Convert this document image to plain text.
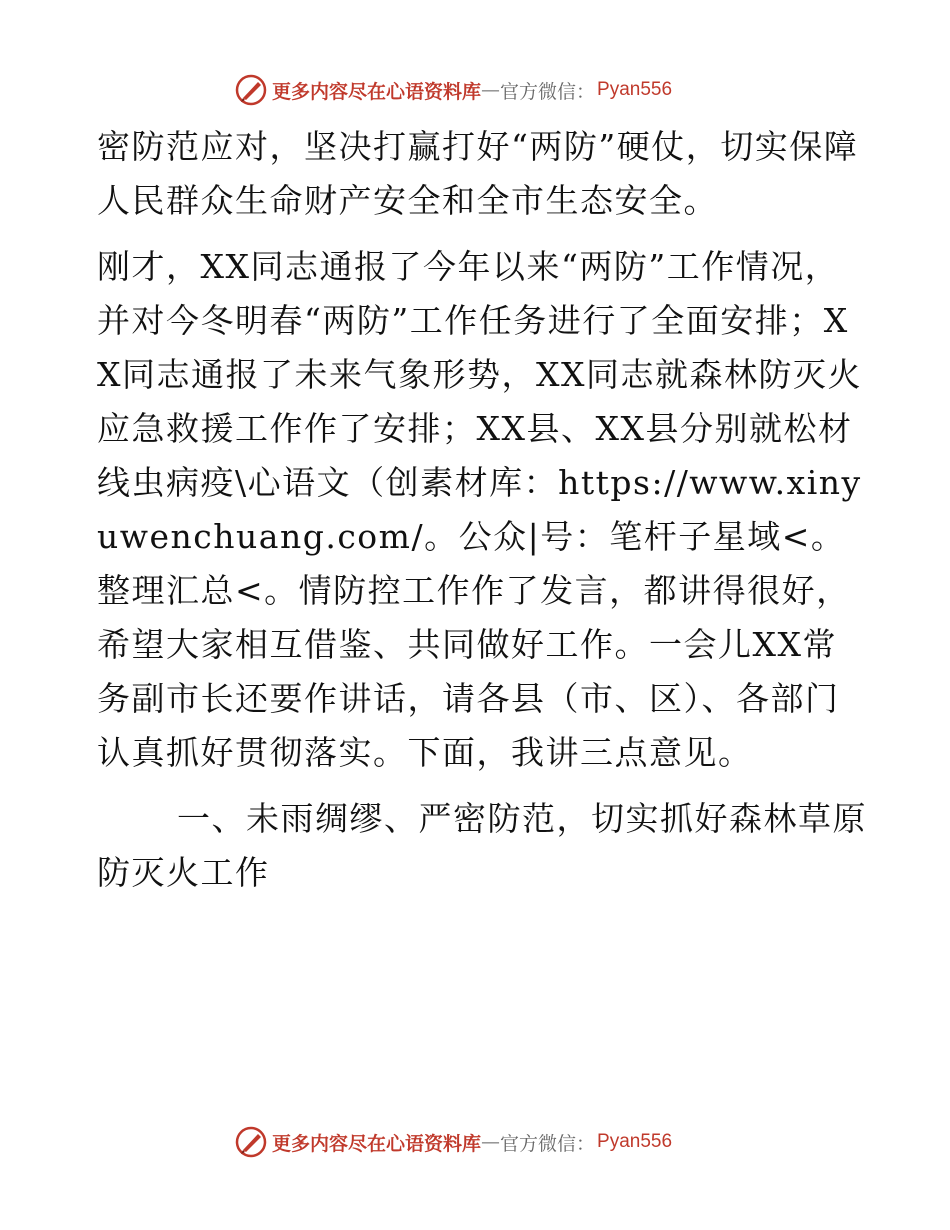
更多内容尽在心语资料库 — 官方微信： Pyan556

密防范应对，坚决打赢打好“两防”硬仗，切实保障人民群众生命财产安全和全市生态安全。

刚才，XX同志通报了今年以来“两防”工作情况，并对今冬明春“两防”工作任务进行了全面安排；XX同志通报了未来气象形势，XX同志就森林防灭火应急救援工作作了安排；XX县、XX县分别就松材线虫病疫\心语文（创素材库：https://www.xinyuwenchuang.com/。公众|号：笔杆子星域<。整理汇总<。情防控工作作了发言，都讲得很好，希望大家相互借鉴、共同做好工作。一会儿XX常务副市长还要作讲话，请各县（市、区）、各部门认真抓好贯彻落实。下面，我讲三点意见。

一、未雨绸缪、严密防范，切实抓好森林草原防灭火工作

更多内容尽在心语资料库 — 官方微信： Pyan556
